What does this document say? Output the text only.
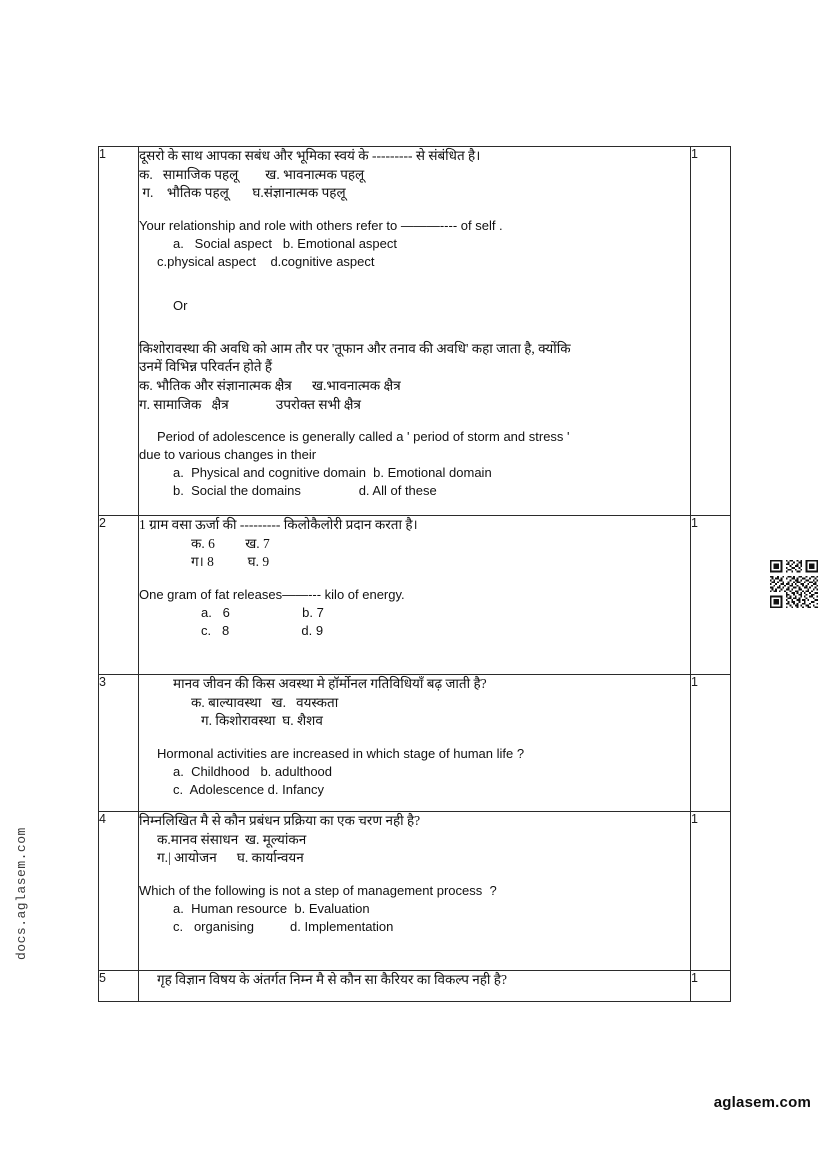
docs.aglasem.com
1	दूसरो के साथ आपका सबंध और भूमिका स्वयं के --------- से संबंधित है।

क.   सामाजिक पहलू        ख. भावनात्मक पहलू

ग.    भौतिक पहलू       घ.संज्ञानात्मक पहलू

Your relationship and role with others refer to ———---- of self .

a.   Social aspect   b. Emotional aspect

c.physical aspect    d.cognitive aspect

Or

किशोरावस्था की अवधि को आम तौर पर 'तूफान और तनाव की अवधि' कहा जाता है, क्योंकि

उनमें विभिन्न परिवर्तन होते हैं

क. भौतिक और संज्ञानात्मक क्षैत्र      ख.भावनात्मक क्षैत्र

ग. सामाजिक   क्षैत्र              उपरोक्त सभी क्षैत्र

Period of adolescence is generally called a ' period of storm and stress '

due to various changes in their

a.  Physical and cognitive domain  b. Emotional domain

b.  Social the domains                d. All of these

	1
2	1 ग्राम वसा ऊर्जा की --------- किलोकैलोरी प्रदान करता है।

क. 6         ख. 7

ग। 8          घ. 9

One gram of fat releases——--- kilo of energy.

a.   6                    b. 7

c.   8                    d. 9

	1
3	मानव जीवन की किस अवस्था मे हॉर्मोनल गतिविधियाँ बढ़ जाती है?

क. बाल्यावस्था   ख.   वयस्कता

ग. किशोरावस्था  घ. शैशव

Hormonal activities are increased in which stage of human life ?

a.  Childhood   b. adulthood

c.  Adolescence d. Infancy

	1
4	निम्नलिखित मै से कौन प्रबंधन प्रक्रिया का एक चरण नही है?

क.मानव संसाधन  ख. मूल्यांकन

ग.| आयोजन      घ. कार्यान्वयन

Which of the following is not a step of management process  ?

a.  Human resource  b. Evaluation

c.   organising          d. Implementation

	1
5	गृह विज्ञान विषय के अंतर्गत निम्न मै से कौन सा कैरियर का विकल्प नही है?	1
aglasem.com
